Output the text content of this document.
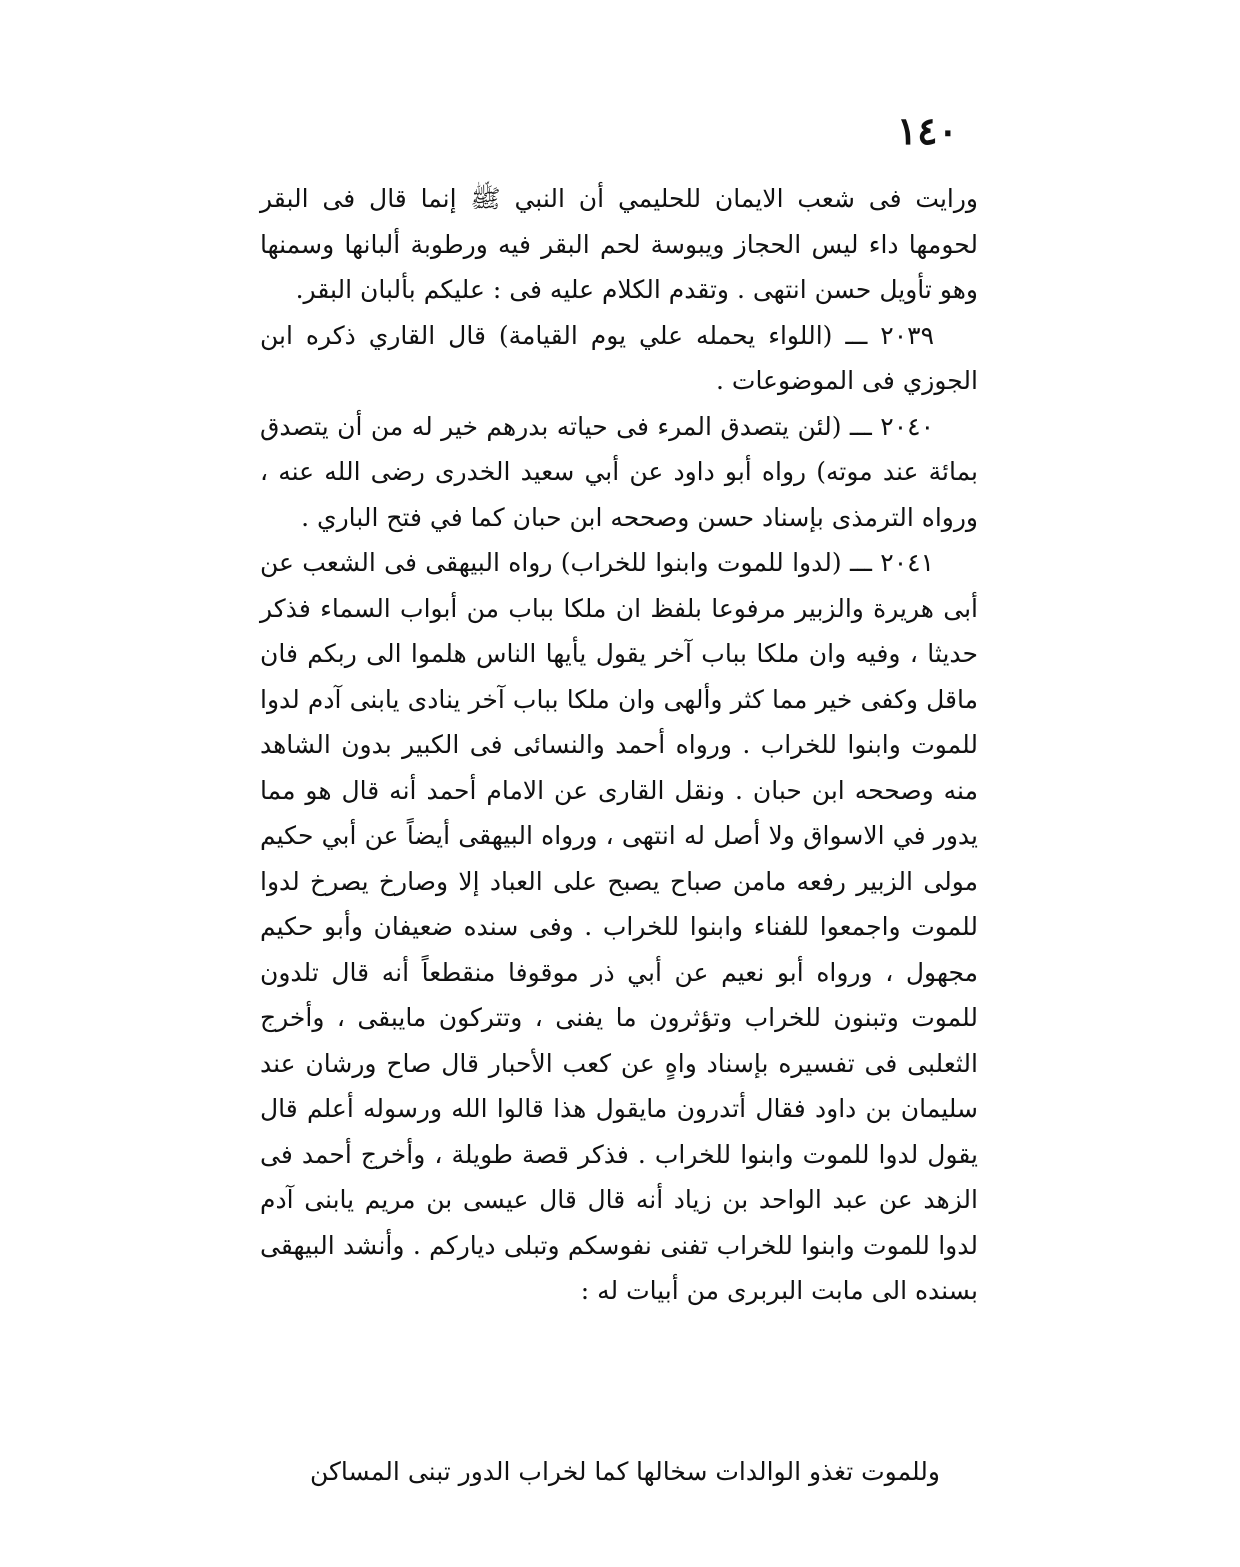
١٤٠

ورايت فى شعب الايمان للحليمي أن النبي ﷺ إنما قال فى البقر لحومها داء ليس الحجاز ويبوسة لحم البقر فيه ورطوبة ألبانها وسمنها وهو تأويل حسن انتهى . وتقدم الكلام عليه فى : عليكم بألبان البقر.

٢٠٣٩ ـــ (اللواء يحمله علي يوم القيامة) قال القاري ذكره ابن الجوزي فى الموضوعات .

٢٠٤٠ ـــ (لئن يتصدق المرء فى حياته بدرهم خير له من أن يتصدق بمائة عند موته) رواه أبو داود عن أبي سعيد الخدرى رضى الله عنه ، ورواه الترمذى بإسناد حسن وصححه ابن حبان كما في فتح الباري .

٢٠٤١ ـــ (لدوا للموت وابنوا للخراب) رواه البيهقى فى الشعب عن أبى هريرة والزبير مرفوعا بلفظ ان ملكا بباب من أبواب السماء فذكر حديثا ، وفيه وان ملكا بباب آخر يقول يأيها الناس هلموا الى ربكم فان ماقل وكفى خير مما كثر وألهى وان ملكا بباب آخر ينادى يابنى آدم لدوا للموت وابنوا للخراب . ورواه أحمد والنسائى فى الكبير بدون الشاهد منه وصححه ابن حبان . ونقل القارى عن الامام أحمد أنه قال هو مما يدور في الاسواق ولا أصل له انتهى ، ورواه البيهقى أيضاً عن أبي حكيم مولى الزبير رفعه مامن صباح يصبح على العباد إلا وصارخ يصرخ لدوا للموت واجمعوا للفناء وابنوا للخراب . وفى سنده ضعيفان وأبو حكيم مجهول ، ورواه أبو نعيم عن أبي ذر موقوفا منقطعاً أنه قال تلدون للموت وتبنون للخراب وتؤثرون ما يفنى ، وتتركون مايبقى ، وأخرج الثعلبى فى تفسيره بإسناد واهٍ عن كعب الأحبار قال صاح ورشان عند سليمان بن داود فقال أتدرون مايقول هذا قالوا الله ورسوله أعلم قال يقول لدوا للموت وابنوا للخراب . فذكر قصة طويلة ، وأخرج أحمد فى الزهد عن عبد الواحد بن زياد أنه قال قال عيسى بن مريم يابنى آدم لدوا للموت وابنوا للخراب تفنى نفوسكم وتبلى دياركم . وأنشد البيهقى بسنده الى مابت البربرى من أبيات له :

وللموت تغذو الوالدات سخالها
كما لخراب الدور تبنى المساكن
